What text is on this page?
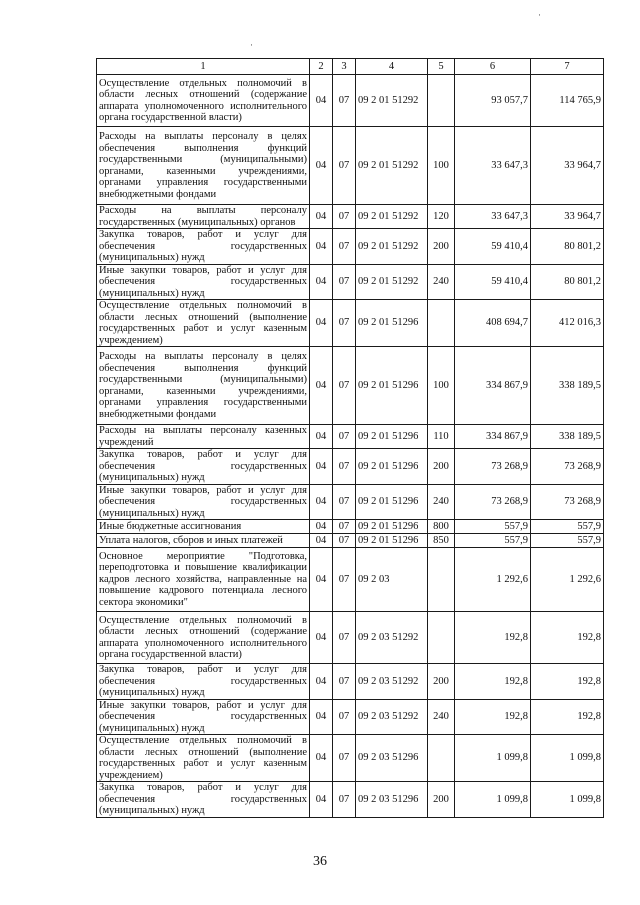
·
·
1	2	3	4	5	6	7
Осуществление отдельных полномочий в области лесных отношений (содержание аппарата уполномоченного исполнительного органа государственной власти)	04	07	09 2 01 51292		93 057,7	114 765,9
Расходы на выплаты персоналу в целях обеспечения выполнения функций государственными (муниципальными) органами, казенными учреждениями, органами управления государственными внебюджетными фондами	04	07	09 2 01 51292	100	33 647,3	33 964,7
Расходы на выплаты персоналу государственных (муниципальных) органов	04	07	09 2 01 51292	120	33 647,3	33 964,7
Закупка товаров, работ и услуг для обеспечения государственных (муниципальных) нужд	04	07	09 2 01 51292	200	59 410,4	80 801,2
Иные закупки товаров, работ и услуг для обеспечения государственных (муниципальных) нужд	04	07	09 2 01 51292	240	59 410,4	80 801,2
Осуществление отдельных полномочий в области лесных отношений (выполнение государственных работ и услуг казенным учреждением)	04	07	09 2 01 51296		408 694,7	412 016,3
Расходы на выплаты персоналу в целях обеспечения выполнения функций государственными (муниципальными) органами, казенными учреждениями, органами управления государственными внебюджетными фондами	04	07	09 2 01 51296	100	334 867,9	338 189,5
Расходы на выплаты персоналу казенных учреждений	04	07	09 2 01 51296	110	334 867,9	338 189,5
Закупка товаров, работ и услуг для обеспечения государственных (муниципальных) нужд	04	07	09 2 01 51296	200	73 268,9	73 268,9
Иные закупки товаров, работ и услуг для обеспечения государственных (муниципальных) нужд	04	07	09 2 01 51296	240	73 268,9	73 268,9
Иные бюджетные ассигнования	04	07	09 2 01 51296	800	557,9	557,9
Уплата налогов, сборов и иных платежей	04	07	09 2 01 51296	850	557,9	557,9
Основное мероприятие "Подготовка, переподготовка и повышение квалификации кадров лесного хозяйства, направленные на повышение кадрового потенциала лесного сектора экономики"	04	07	09 2 03		1 292,6	1 292,6
Осуществление отдельных полномочий в области лесных отношений (содержание аппарата уполномоченного исполнительного органа государственной власти)	04	07	09 2 03 51292		192,8	192,8
Закупка товаров, работ и услуг для обеспечения государственных (муниципальных) нужд	04	07	09 2 03 51292	200	192,8	192,8
Иные закупки товаров, работ и услуг для обеспечения государственных (муниципальных) нужд	04	07	09 2 03 51292	240	192,8	192,8
Осуществление отдельных полномочий в области лесных отношений (выполнение государственных работ и услуг казенным учреждением)	04	07	09 2 03 51296		1 099,8	1 099,8
Закупка товаров, работ и услуг для обеспечения государственных (муниципальных) нужд	04	07	09 2 03 51296	200	1 099,8	1 099,8
36
